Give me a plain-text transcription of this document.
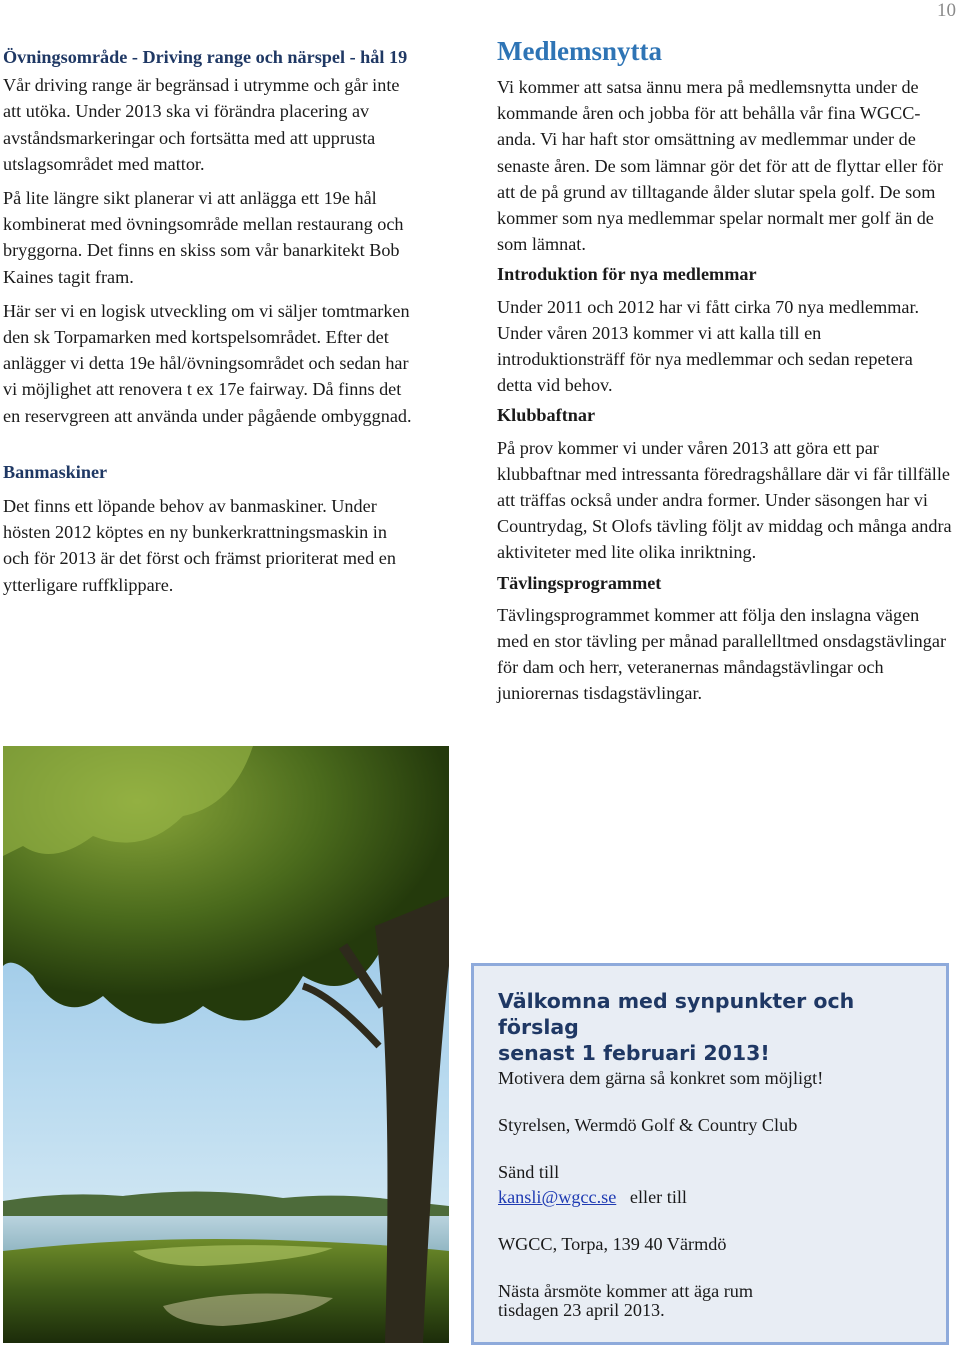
10
Övningsområde - Driving range och närspel - hål 19

Vår driving range är begränsad i utrymme och går inte att utöka. Under 2013 ska vi förändra placering av avståndsmarkeringar och fortsätta med att upprusta utslagsområdet med mattor.

På lite längre sikt planerar vi att anlägga ett 19e hål kombinerat med övningsområde mellan restaurang och bryggorna. Det finns en skiss som vår banarkitekt Bob Kaines tagit fram.

Här ser vi en logisk utveckling om vi säljer tomtmarken den sk Torpamarken med kortspelsområdet. Efter det anlägger vi detta 19e hål/övningsområdet och sedan har vi möjlighet att renovera t ex 17e fairway. Då finns det en reservgreen att använda under pågående ombyggnad.

Banmaskiner

Det finns ett löpande behov av banmaskiner. Under hösten 2012 köptes en ny bunkerkrattningsmaskin in och för 2013 är det först och främst prioriterat med en ytterligare ruffklippare.

Medlemsnytta

Vi kommer att satsa ännu mera på medlemsnytta under de kommande åren och jobba för att behålla vår fina WGCC-anda. Vi har haft stor omsättning av medlemmar under de senaste åren. De som lämnar gör det för att de flyttar eller för att de på grund av tilltagande ålder slutar spela golf. De som kommer som nya medlemmar spelar normalt mer golf än de som lämnat.

Introduktion för nya medlemmar

Under 2011 och 2012 har vi fått cirka 70 nya medlemmar. Under våren 2013 kommer vi att kalla till en introduktionsträff för nya medlemmar och sedan repetera detta vid behov.

Klubbaftnar

På prov kommer vi under våren 2013 att göra ett par klubbaftnar med intressanta föredragshållare där vi får tillfälle att träffas också under andra former. Under säsongen har vi Countrydag, St Olofs tävling följt av middag och många andra aktiviteter med lite olika inriktning.

Tävlingsprogrammet

Tävlingsprogrammet kommer att följa den inslagna vägen med en stor tävling per månad parallelltmed onsdagstävlingar för dam och herr, veteranernas måndagstävlingar och juniorernas tisdagstävlingar.

Välkomna med synpunkter och förslag
senast 1 februari 2013!
Motivera dem gärna så konkret som möjligt!
Styrelsen, Wermdö Golf & Country Club
Sänd till
kansli@wgcc.se eller till
WGCC, Torpa, 139 40 Värmdö
Nästa årsmöte kommer att äga rum
tisdagen 23 april 2013.
